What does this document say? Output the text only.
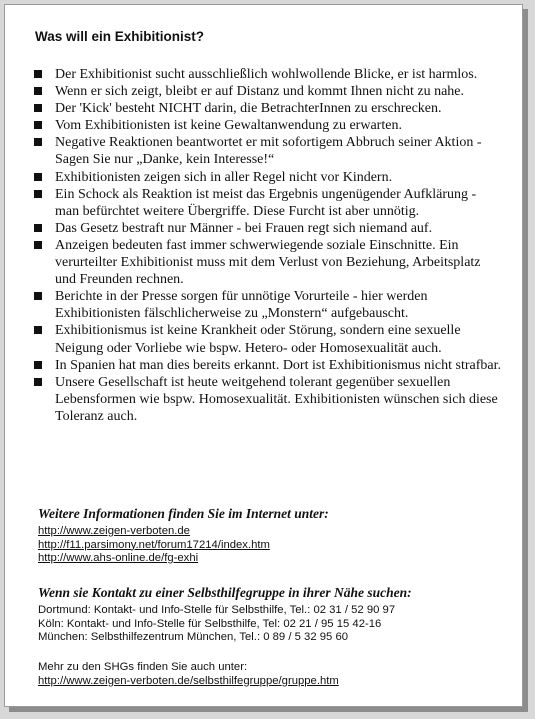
Was will ein Exhibitionist?
Der Exhibitionist sucht ausschließlich wohlwollende Blicke, er ist harmlos.
Wenn er sich zeigt, bleibt er auf Distanz und kommt Ihnen nicht zu nahe.
Der 'Kick' besteht NICHT darin, die BetrachterInnen zu erschrecken.
Vom Exhibitionisten ist keine Gewaltanwendung zu erwarten.
Negative Reaktionen beantwortet er mit sofortigem Abbruch seiner Aktion - Sagen Sie nur „Danke, kein Interesse!“
Exhibitionisten zeigen sich in aller Regel nicht vor Kindern.
Ein Schock als Reaktion ist meist das Ergebnis ungenügender Aufklärung - man befürchtet weitere Übergriffe. Diese Furcht ist aber unnötig.
Das Gesetz bestraft nur Männer - bei Frauen regt sich niemand auf.
Anzeigen bedeuten fast immer schwerwiegende soziale Einschnitte. Ein verurteilter Exhibitionist muss mit dem Verlust von Beziehung, Arbeitsplatz und Freunden rechnen.
Berichte in der Presse sorgen für unnötige Vorurteile - hier werden Exhibitionisten fälschlicherweise zu „Monstern“ aufgebauscht.
Exhibitionismus ist keine Krankheit oder Störung, sondern eine sexuelle Neigung oder Vorliebe wie bspw. Hetero- oder Homosexualität auch.
In Spanien hat man dies bereits erkannt. Dort ist Exhibitionismus nicht strafbar.
Unsere Gesellschaft ist heute weitgehend tolerant gegenüber sexuellen Lebensformen wie bspw. Homosexualität. Exhibitionisten wünschen sich diese Toleranz auch.

Weitere Informationen finden Sie im Internet unter:

http://www.zeigen-verboten.de
http://f11.parsimony.net/forum17214/index.htm
http://www.ahs-online.de/fg-exhi

Wenn sie Kontakt zu einer Selbsthilfegruppe in ihrer Nähe suchen:

Dortmund: Kontakt- und Info-Stelle für Selbsthilfe, Tel.: 02 31 / 52 90 97
Köln: Kontakt- und Info-Stelle für Selbsthilfe, Tel: 02 21 / 95 15 42-16
München: Selbsthilfezentrum München, Tel.: 0 89 / 5 32 95 60
Mehr zu den SHGs finden Sie auch unter:
http://www.zeigen-verboten.de/selbsthilfegruppe/gruppe.htm
